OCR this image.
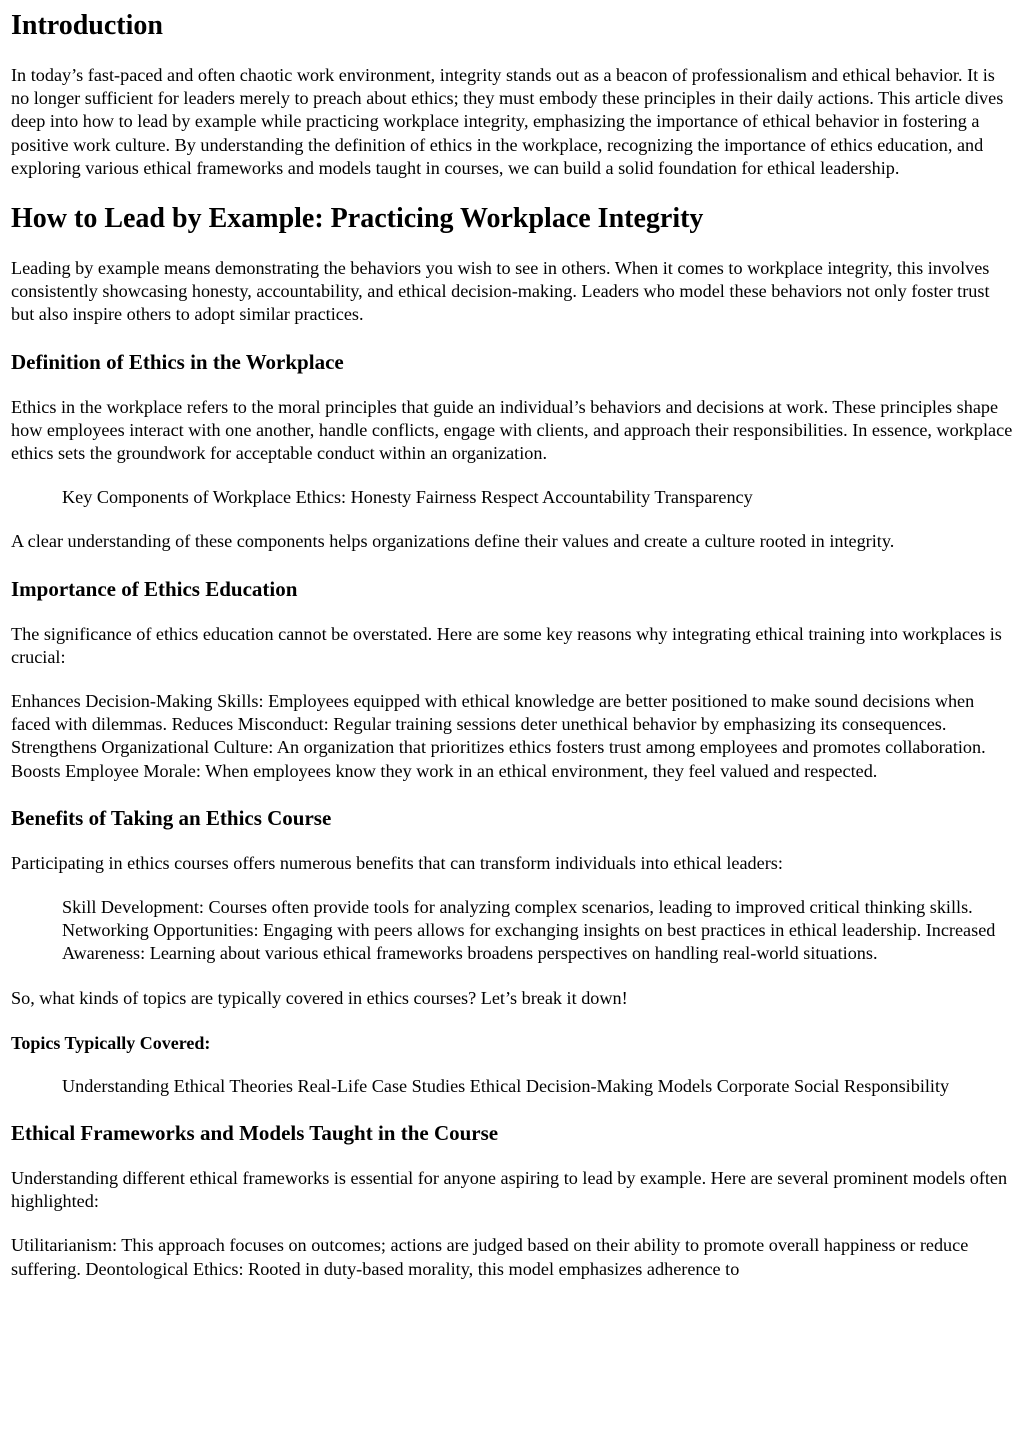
Introduction

In today’s fast-paced and often chaotic work environment, integrity stands out as a beacon of professionalism and ethical behavior. It is no longer sufficient for leaders merely to preach about ethics; they must embody these principles in their daily actions. This article dives deep into how to lead by example while practicing workplace integrity, emphasizing the importance of ethical behavior in fostering a positive work culture. By understanding the definition of ethics in the workplace, recognizing the importance of ethics education, and exploring various ethical frameworks and models taught in courses, we can build a solid foundation for ethical leadership.

How to Lead by Example: Practicing Workplace Integrity

Leading by example means demonstrating the behaviors you wish to see in others. When it comes to workplace integrity, this involves consistently showcasing honesty, accountability, and ethical decision-making. Leaders who model these behaviors not only foster trust but also inspire others to adopt similar practices.

Definition of Ethics in the Workplace

Ethics in the workplace refers to the moral principles that guide an individual’s behaviors and decisions at work. These principles shape how employees interact with one another, handle conflicts, engage with clients, and approach their responsibilities. In essence, workplace ethics sets the groundwork for acceptable conduct within an organization.

Key Components of Workplace Ethics: Honesty Fairness Respect Accountability Transparency

A clear understanding of these components helps organizations define their values and create a culture rooted in integrity.

Importance of Ethics Education

The significance of ethics education cannot be overstated. Here are some key reasons why integrating ethical training into workplaces is crucial:

Enhances Decision-Making Skills: Employees equipped with ethical knowledge are better positioned to make sound decisions when faced with dilemmas. Reduces Misconduct: Regular training sessions deter unethical behavior by emphasizing its consequences. Strengthens Organizational Culture: An organization that prioritizes ethics fosters trust among employees and promotes collaboration. Boosts Employee Morale: When employees know they work in an ethical environment, they feel valued and respected.

Benefits of Taking an Ethics Course

Participating in ethics courses offers numerous benefits that can transform individuals into ethical leaders:

Skill Development: Courses often provide tools for analyzing complex scenarios, leading to improved critical thinking skills. Networking Opportunities: Engaging with peers allows for exchanging insights on best practices in ethical leadership. Increased Awareness: Learning about various ethical frameworks broadens perspectives on handling real-world situations.

So, what kinds of topics are typically covered in ethics courses? Let’s break it down!

Topics Typically Covered:
Understanding Ethical Theories Real-Life Case Studies Ethical Decision-Making Models Corporate Social Responsibility
Ethical Frameworks and Models Taught in the Course

Understanding different ethical frameworks is essential for anyone aspiring to lead by example. Here are several prominent models often highlighted:

Utilitarianism: This approach focuses on outcomes; actions are judged based on their ability to promote overall happiness or reduce suffering. Deontological Ethics: Rooted in duty-based morality, this model emphasizes adherence to
